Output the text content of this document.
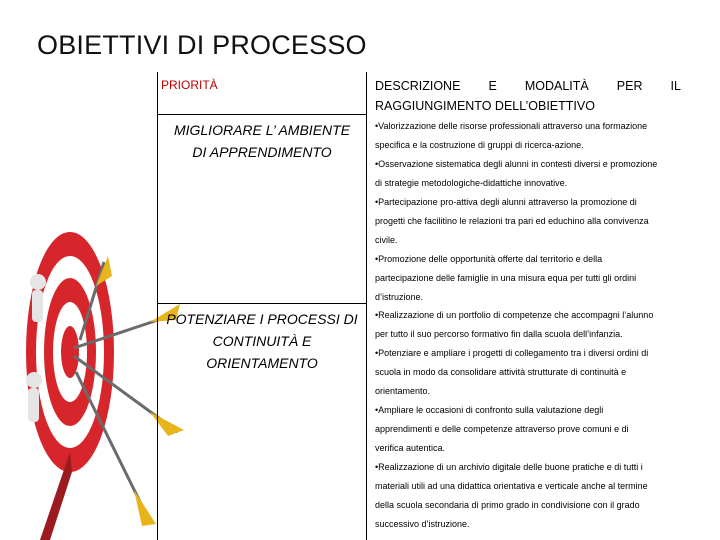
OBIETTIVI DI PROCESSO
PRIORITÀ	DESCRIZIONE E MODALITÀ PER IL
RAGGIUNGIMENTO DELL’OBIETTIVO
MIGLIORARE L’ AMBIENTE
DI APPRENDIMENTO
•Valorizzazione delle risorse professionali attraverso una formazione
specifica e la costruzione di gruppi di ricerca-azione.
•Osservazione sistematica degli alunni in contesti diversi e promozione
di strategie metodologiche-didattiche innovative.
•Partecipazione pro-attiva degli alunni attraverso la promozione di
progetti che facilitino le relazioni tra pari ed educhino alla convivenza
civile.
•Promozione delle opportunità offerte dal territorio e della
partecipazione delle famiglie in una misura equa per tutti gli ordini
d’istruzione.
POTENZIARE I PROCESSI DI
CONTINUITÀ E
ORIENTAMENTO
•Realizzazione di un portfolio di competenze che accompagni l’alunno
per tutto il suo percorso formativo fin dalla scuola dell’infanzia.
•Potenziare e ampliare i progetti di collegamento tra i diversi ordini di
scuola in modo da consolidare attività strutturate di continuità e
orientamento.
•Ampliare le occasioni di confronto sulla valutazione degli
apprendimenti e delle competenze attraverso prove comuni e di
verifica autentica.
•Realizzazione di un archivio digitale delle buone pratiche e di tutti i
materiali utili ad una didattica orientativa e verticale anche al termine
della scuola secondaria di primo grado in condivisione con il grado
successivo d’istruzione.
